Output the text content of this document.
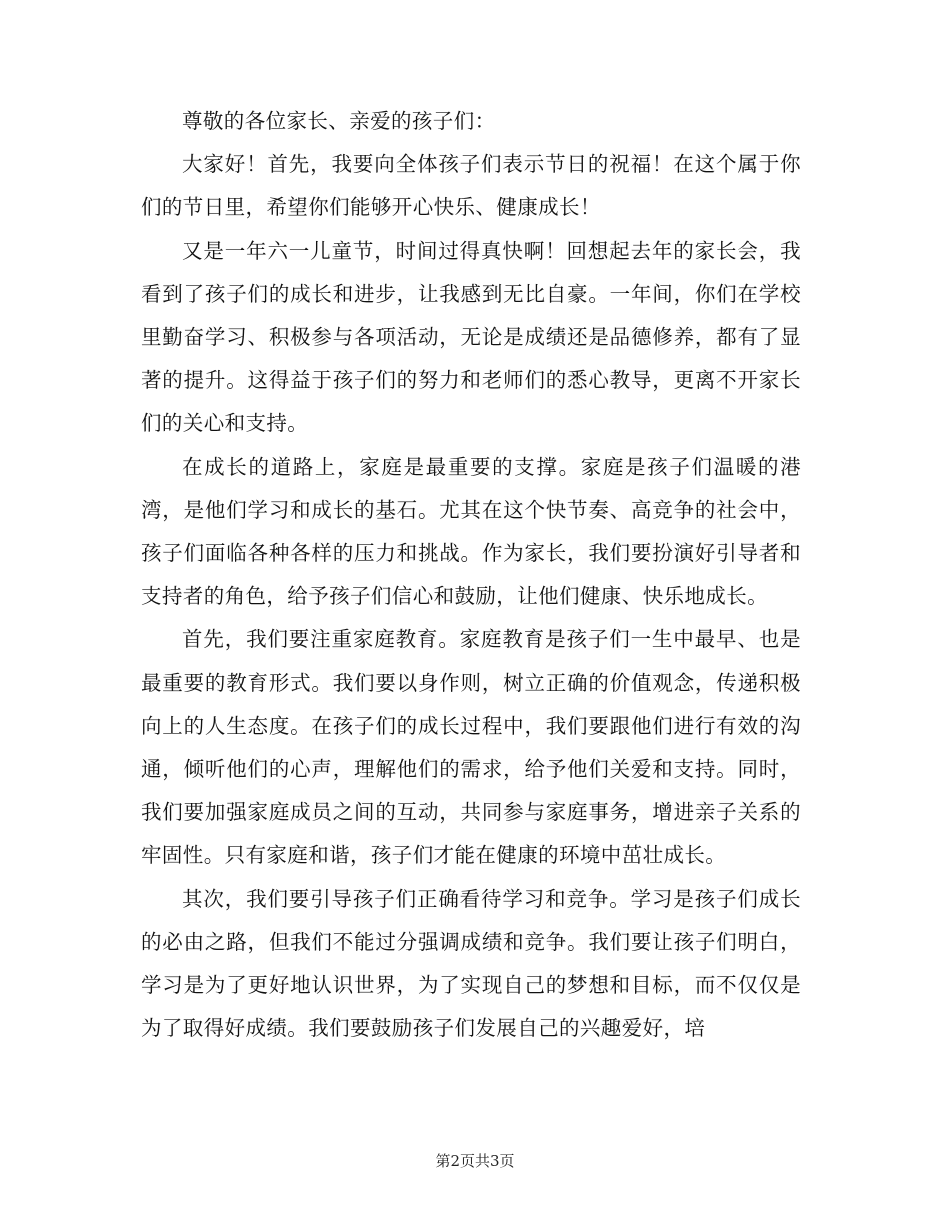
尊敬的各位家长、亲爱的孩子们：

大家好！首先，我要向全体孩子们表示节日的祝福！在这个属于你们的节日里，希望你们能够开心快乐、健康成长！

又是一年六一儿童节，时间过得真快啊！回想起去年的家长会，我看到了孩子们的成长和进步，让我感到无比自豪。一年间，你们在学校里勤奋学习、积极参与各项活动，无论是成绩还是品德修养，都有了显著的提升。这得益于孩子们的努力和老师们的悉心教导，更离不开家长们的关心和支持。

在成长的道路上，家庭是最重要的支撑。家庭是孩子们温暖的港湾，是他们学习和成长的基石。尤其在这个快节奏、高竞争的社会中，孩子们面临各种各样的压力和挑战。作为家长，我们要扮演好引导者和支持者的角色，给予孩子们信心和鼓励，让他们健康、快乐地成长。

首先，我们要注重家庭教育。家庭教育是孩子们一生中最早、也是最重要的教育形式。我们要以身作则，树立正确的价值观念，传递积极向上的人生态度。在孩子们的成长过程中，我们要跟他们进行有效的沟通，倾听他们的心声，理解他们的需求，给予他们关爱和支持。同时，我们要加强家庭成员之间的互动，共同参与家庭事务，增进亲子关系的牢固性。只有家庭和谐，孩子们才能在健康的环境中茁壮成长。

其次，我们要引导孩子们正确看待学习和竞争。学习是孩子们成长的必由之路，但我们不能过分强调成绩和竞争。我们要让孩子们明白，学习是为了更好地认识世界，为了实现自己的梦想和目标，而不仅仅是为了取得好成绩。我们要鼓励孩子们发展自己的兴趣爱好，培

第2页共3页
